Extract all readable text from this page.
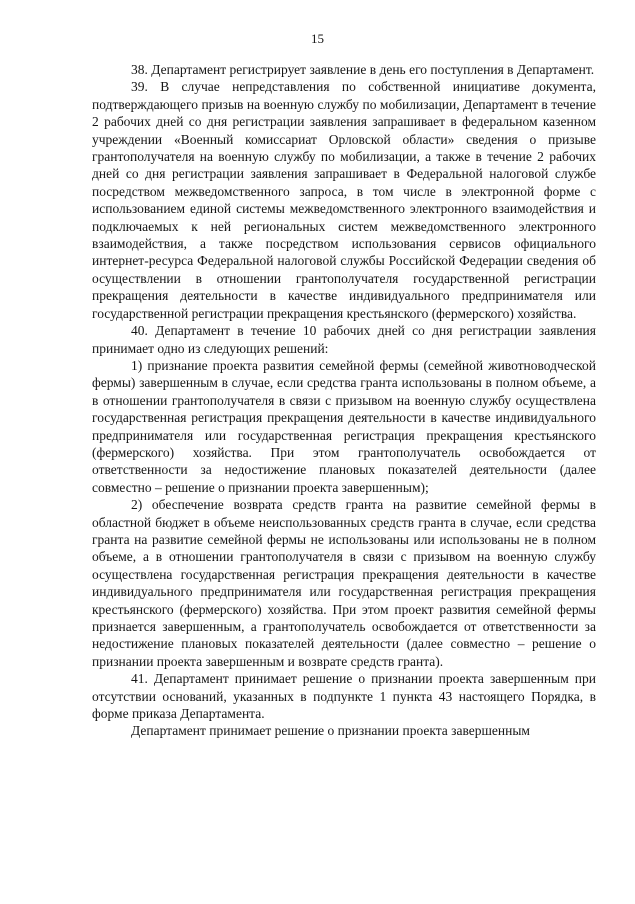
15

38. Департамент регистрирует заявление в день его поступления в Департамент.

39. В случае непредставления по собственной инициативе документа, подтверждающего призыв на военную службу по мобилизации, Департамент в течение 2 рабочих дней со дня регистрации заявления запрашивает в федеральном казенном учреждении «Военный комиссариат Орловской области» сведения о призыве грантополучателя на военную службу по мобилизации, а также в течение 2 рабочих дней со дня регистрации заявления запрашивает в Федеральной налоговой службе посредством межведомственного запроса, в том числе в электронной форме с использованием единой системы межведомственного электронного взаимодействия и подключаемых к ней региональных систем межведомственного электронного взаимодействия, а также посредством использования сервисов официального интернет-ресурса Федеральной налоговой службы Российской Федерации сведения об осуществлении в отношении грантополучателя государственной регистрации прекращения деятельности в качестве индивидуального предпринимателя или государственной регистрации прекращения крестьянского (фермерского) хозяйства.

40. Департамент в течение 10 рабочих дней со дня регистрации заявления принимает одно из следующих решений:

1) признание проекта развития семейной фермы (семейной животноводческой фермы) завершенным в случае, если средства гранта использованы в полном объеме, а в отношении грантополучателя в связи с призывом на военную службу осуществлена государственная регистрация прекращения деятельности в качестве индивидуального предпринимателя или государственная регистрация прекращения крестьянского (фермерского) хозяйства. При этом грантополучатель освобождается от ответственности за недостижение плановых показателей деятельности (далее совместно – решение о признании проекта завершенным);

2) обеспечение возврата средств гранта на развитие семейной фермы в областной бюджет в объеме неиспользованных средств гранта в случае, если средства гранта на развитие семейной фермы не использованы или использованы не в полном объеме, а в отношении грантополучателя в связи с призывом на военную службу осуществлена государственная регистрация прекращения деятельности в качестве индивидуального предпринимателя или государственная регистрация прекращения крестьянского (фермерского) хозяйства. При этом проект развития семейной фермы признается завершенным, а грантополучатель освобождается от ответственности за недостижение плановых показателей деятельности (далее совместно – решение о признании проекта завершенным и возврате средств гранта).

41. Департамент принимает решение о признании проекта завершенным при отсутствии оснований, указанных в подпункте 1 пункта 43 настоящего Порядка, в форме приказа Департамента.

Департамент принимает решение о признании проекта завершенным
